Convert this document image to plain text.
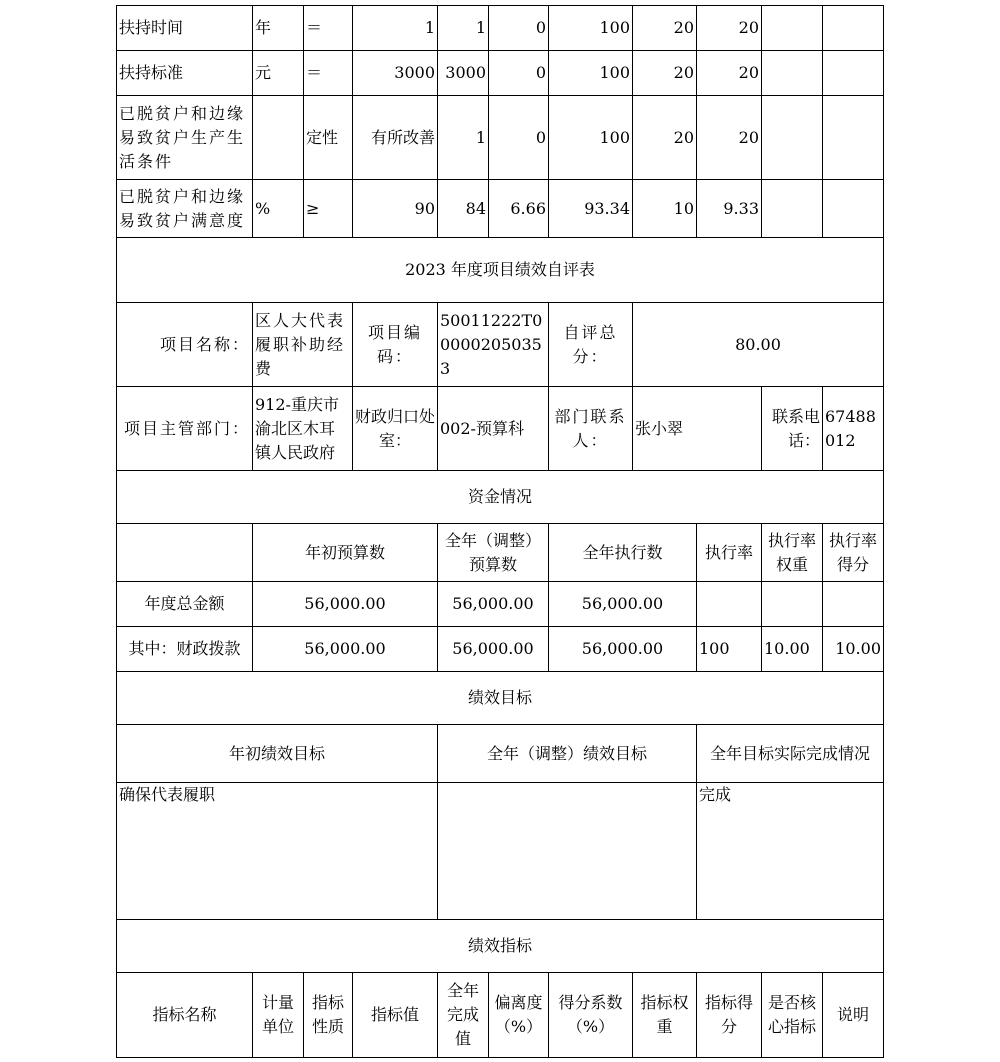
扶持时间	年	＝	1	1	0	100	20	20		
扶持标准	元	＝	3000	3000	0	100	20	20		
已脱贫户和边缘易致贫户生产生活条件		定性	有所改善	1	0	100	20	20		
已脱贫户和边缘易致贫户满意度	%	≥	90	84	6.66	93.34	10	9.33		
2023 年度项目绩效自评表										
项目名称：	区人大代表履职补助经费		项目编码：	50011222T000002050353		自评总分：	80.00			
项目主管部门：	912-重庆市渝北区木耳镇人民政府		财政归口处室：	002-预算科		部门联系人：	张小翠		联系电话：	67488012
资金情况										
	年初预算数			全年（调整）预算数		全年执行数		执行率	执行率权重	执行率得分
年度总金额	56,000.00			56,000.00		56,000.00				
其中：财政拨款	56,000.00			56,000.00		56,000.00		100	10.00	10.00
绩效目标										
年初绩效目标				全年（调整）绩效目标				全年目标实际完成情况		
确保代表履职								完成		
绩效指标										
指标名称	计量单位	指标性质	指标值	全年完成值	偏离度（%）	得分系数（%）	指标权重	指标得分	是否核心指标	说明
